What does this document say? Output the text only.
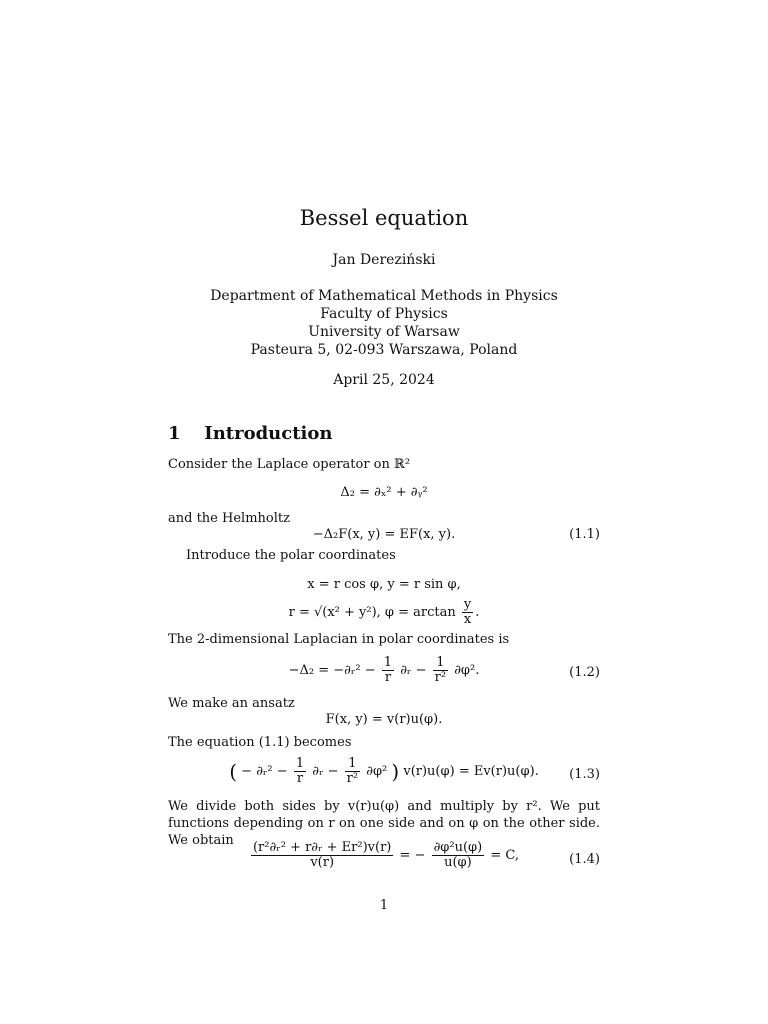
Bessel equation
Jan Dereziński
Department of Mathematical Methods in Physics
Faculty of Physics
University of Warsaw
Pasteura 5, 02-093 Warszawa, Poland
April 25, 2024
1 Introduction
Consider the Laplace operator on ℝ²
Δ₂ = ∂ₓ² + ∂ᵧ²
and the Helmholtz
−Δ₂F(x, y) = EF(x, y).	(1.1)
Introduce the polar coordinates
x = r cos φ, y = r sin φ,
r = √(x² + y²), $\varphi = \arctan \frac{y}{x}$ .
The 2-dimensional Laplacian in polar coordinates is
−Δ₂ = −∂ᵣ² − $\frac{1}{r}$ ∂ᵣ − $\frac{1}{\text{r²}} \partial\varphi^2$.	(1.2)
We make an ansatz
F(x, y) = v(r)u(φ).
The equation (1.1) becomes
( − ∂ᵣ² − $\frac{1}{r}$ ∂ᵣ − $\frac{1}{\text{r²}} \partial\varphi^2$ ) v(r)u(φ) = Ev(r)u(φ).	(1.3)
We divide both sides by v(r)u(φ) and multiply by r². We put functions depending on r on one side and on φ on the other side. We obtain
$\frac{\text{(r²∂ᵣ² + r∂ᵣ + Er²)v(r)}}{v(r)}$ = − $\frac{\text{∂φ²u(φ)}}{u(\varphi)} = C$,	(1.4)
1
